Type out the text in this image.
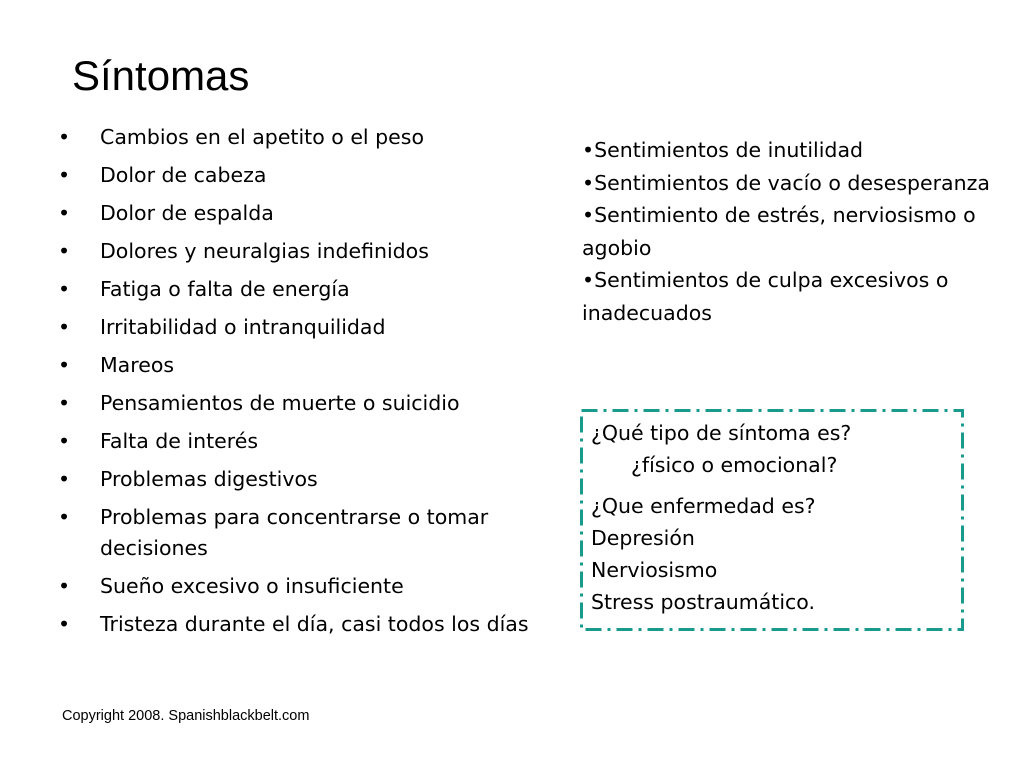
Síntomas
•	Cambios en el apetito o el peso
•	Dolor de cabeza
•	Dolor de espalda
•	Dolores y neuralgias indefinidos
•	Fatiga o falta de energía
•	Irritabilidad o intranquilidad
•	Mareos
•	Pensamientos de muerte o suicidio
•	Falta de interés
•	Problemas digestivos
•	Problemas para concentrarse o tomar decisiones
•	Sueño excesivo o insuficiente
•	Tristeza durante el día, casi todos los días
•Sentimientos de inutilidad
•Sentimientos de vacío o desesperanza
•Sentimiento de estrés, nerviosismo o agobio
•Sentimientos de culpa excesivos o inadecuados
¿Qué tipo de síntoma es?
¿físico o emocional?
¿Que enfermedad es?
Depresión
Nerviosismo
Stress postraumático.
Copyright 2008. Spanishblackbelt.com
